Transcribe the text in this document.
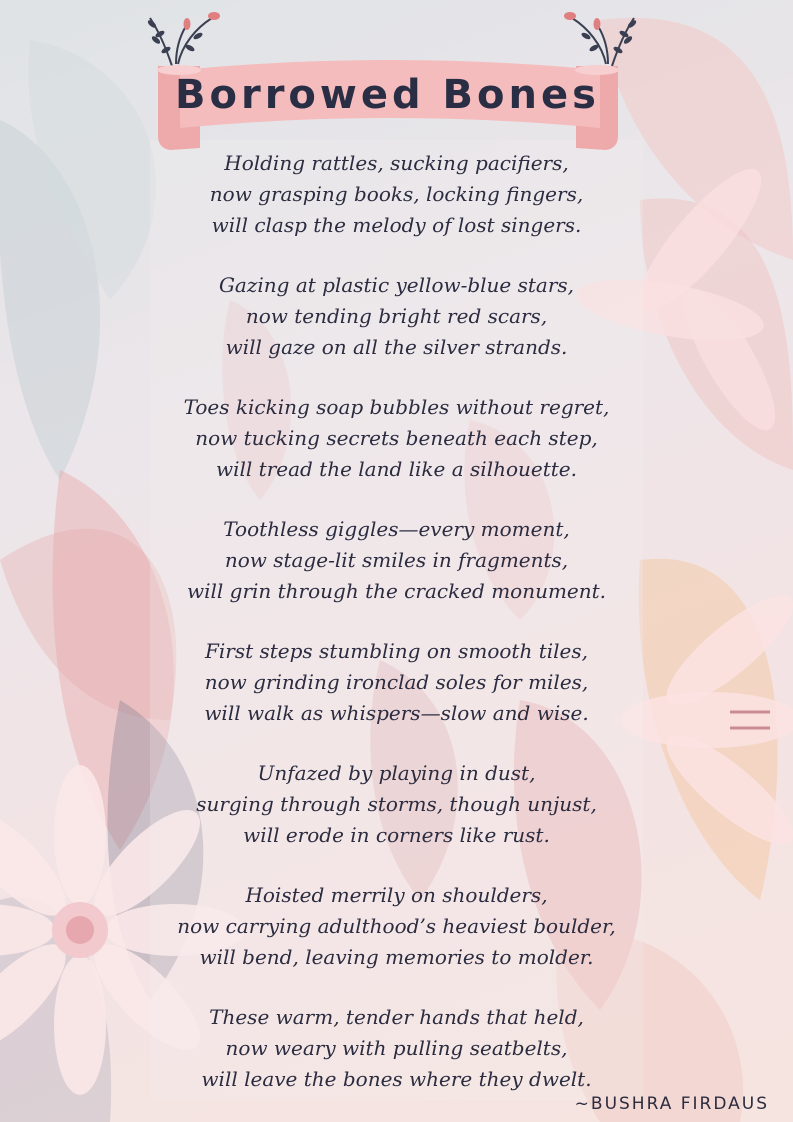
Borrowed Bones
Holding rattles, sucking pacifiers,
now grasping books, locking fingers,
will clasp the melody of lost singers.
Gazing at plastic yellow-blue stars,
now tending bright red scars,
will gaze on all the silver strands.
Toes kicking soap bubbles without regret,
now tucking secrets beneath each step,
will tread the land like a silhouette.
Toothless giggles—every moment,
now stage-lit smiles in fragments,
will grin through the cracked monument.
First steps stumbling on smooth tiles,
now grinding ironclad soles for miles,
will walk as whispers—slow and wise.
Unfazed by playing in dust,
surging through storms, though unjust,
will erode in corners like rust.
Hoisted merrily on shoulders,
now carrying adulthood’s heaviest boulder,
will bend, leaving memories to molder.
These warm, tender hands that held,
now weary with pulling seatbelts,
will leave the bones where they dwelt.
~BUSHRA FIRDAUS
